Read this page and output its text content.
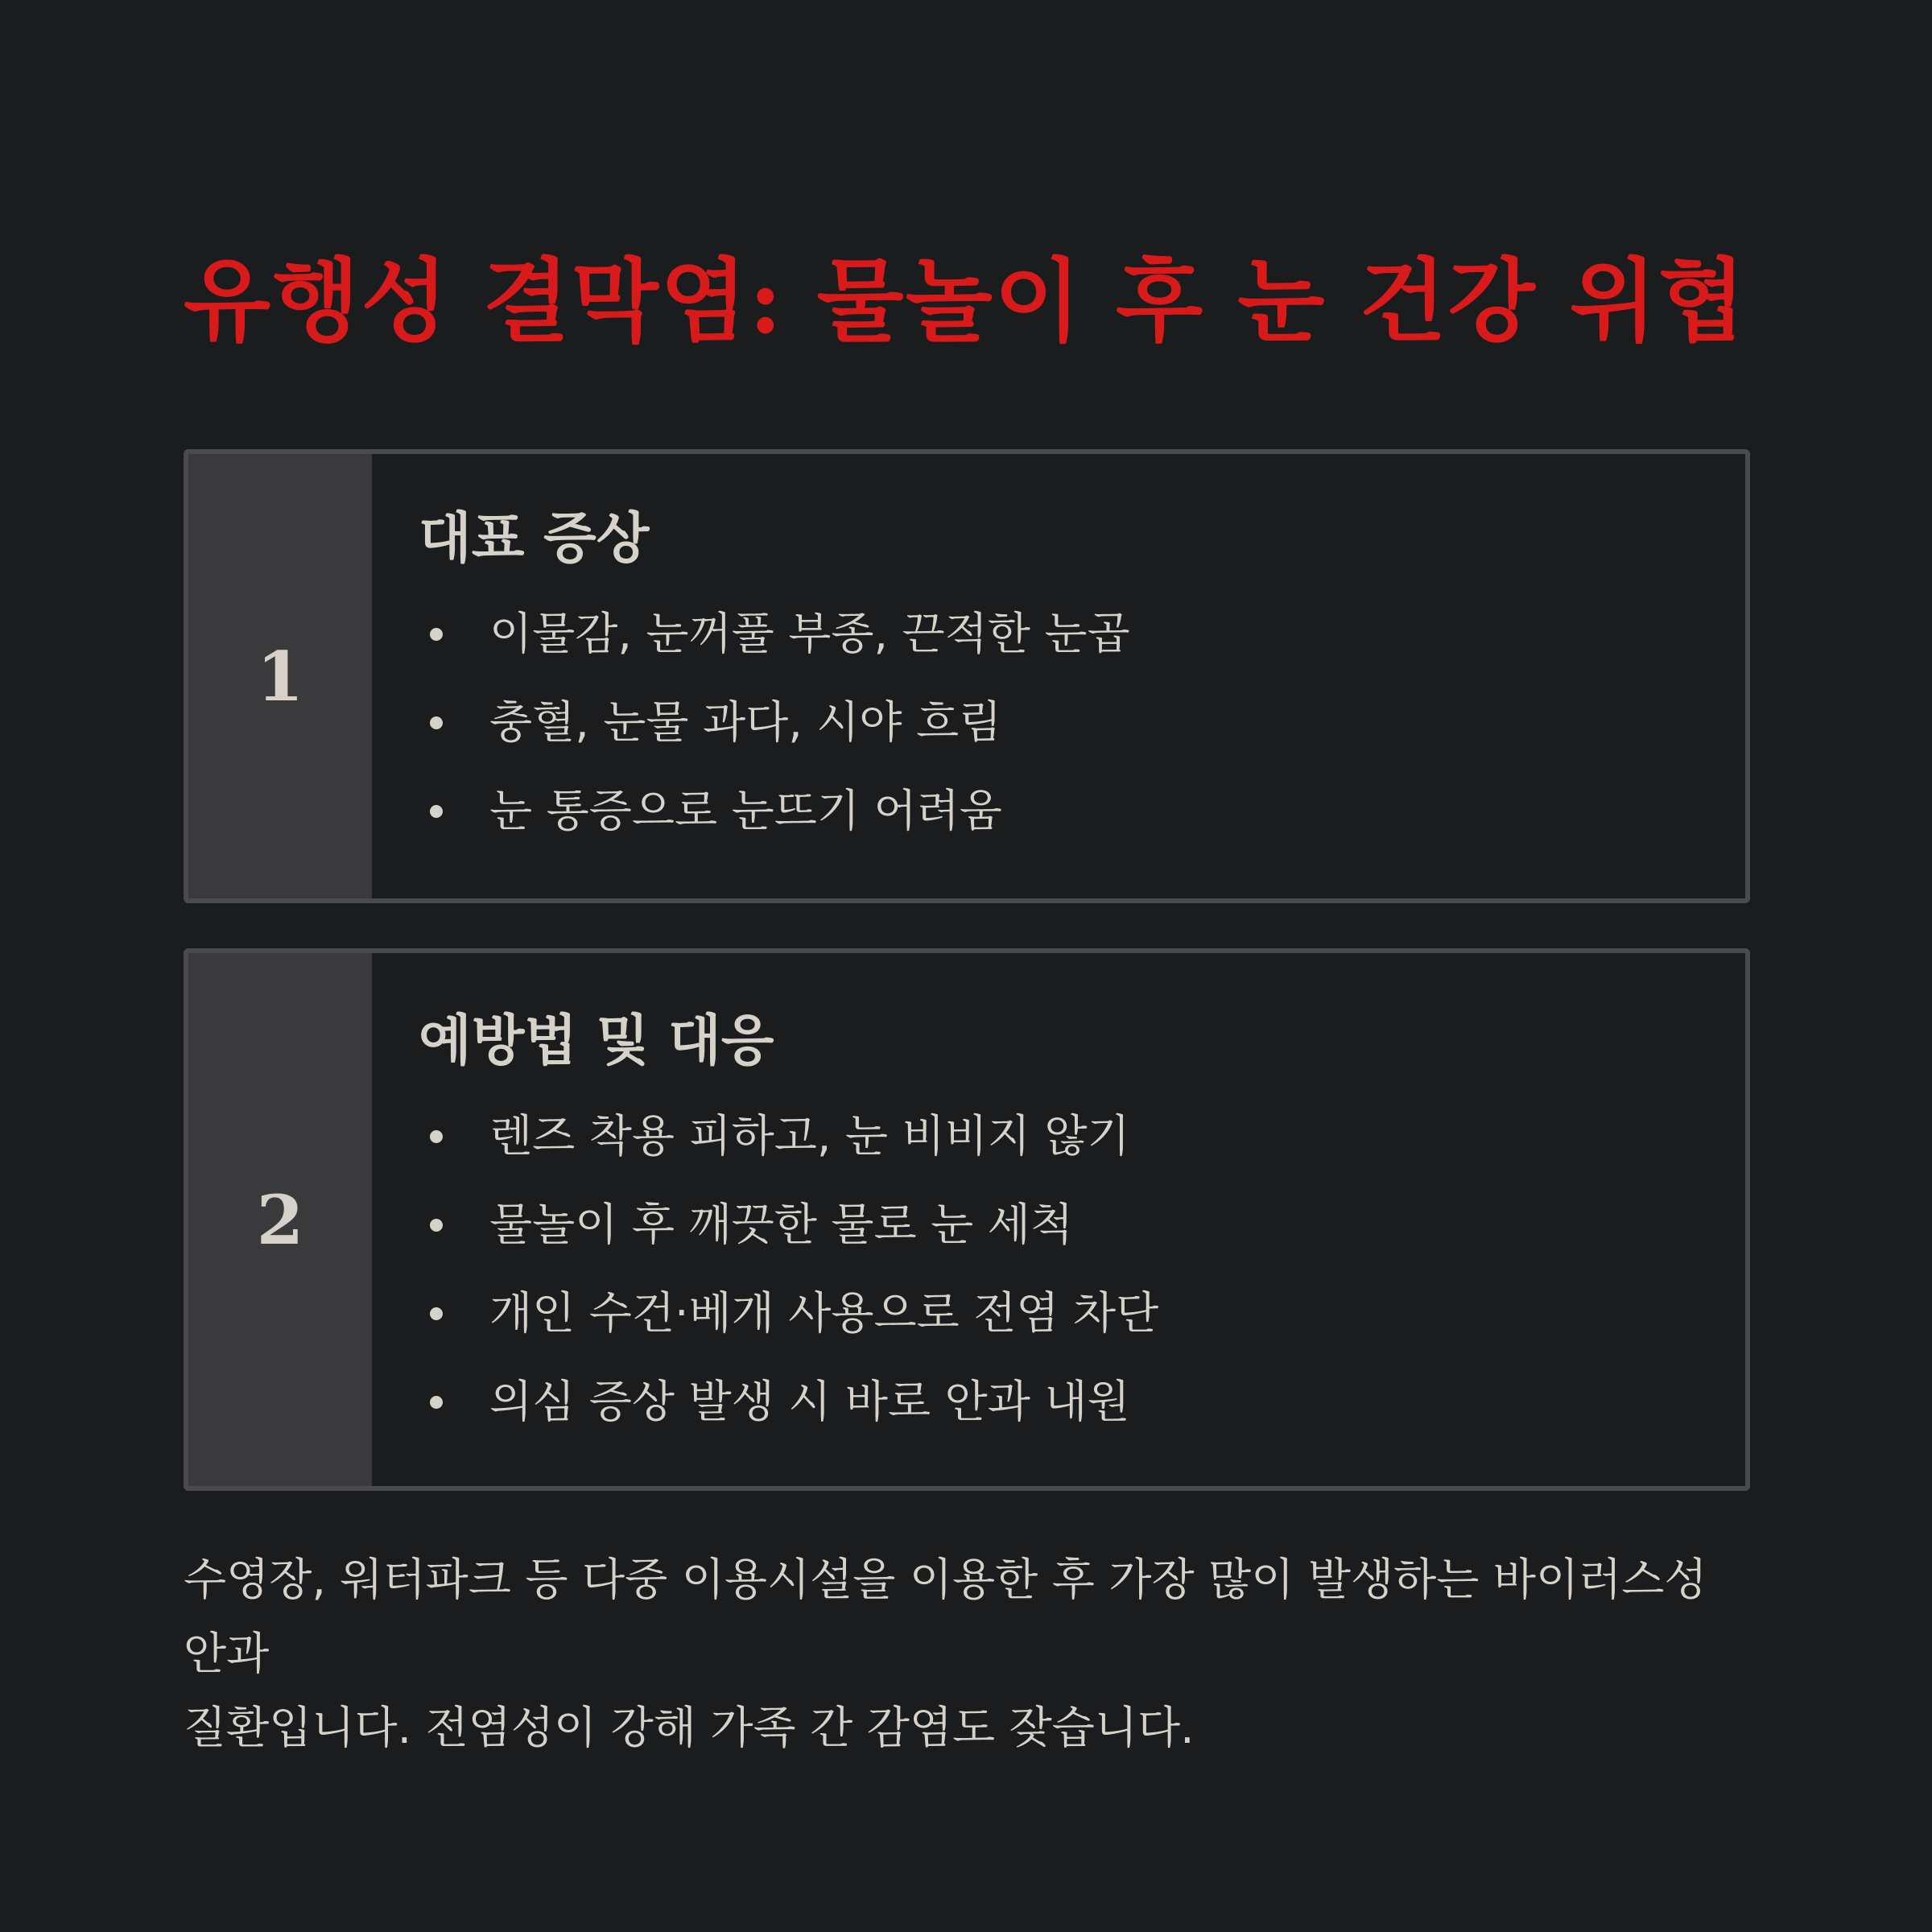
유행성 결막염: 물놀이 후 눈 건강 위협
1
대표 증상
이물감, 눈꺼풀 부종, 끈적한 눈곱
충혈, 눈물 과다, 시야 흐림
눈 통증으로 눈뜨기 어려움
2
예방법 및 대응
렌즈 착용 피하고, 눈 비비지 않기
물놀이 후 깨끗한 물로 눈 세척
개인 수건·베개 사용으로 전염 차단
의심 증상 발생 시 바로 안과 내원

수영장, 워터파크 등 다중 이용시설을 이용한 후 가장 많이 발생하는 바이러스성 안과
질환입니다. 전염성이 강해 가족 간 감염도 잦습니다.
